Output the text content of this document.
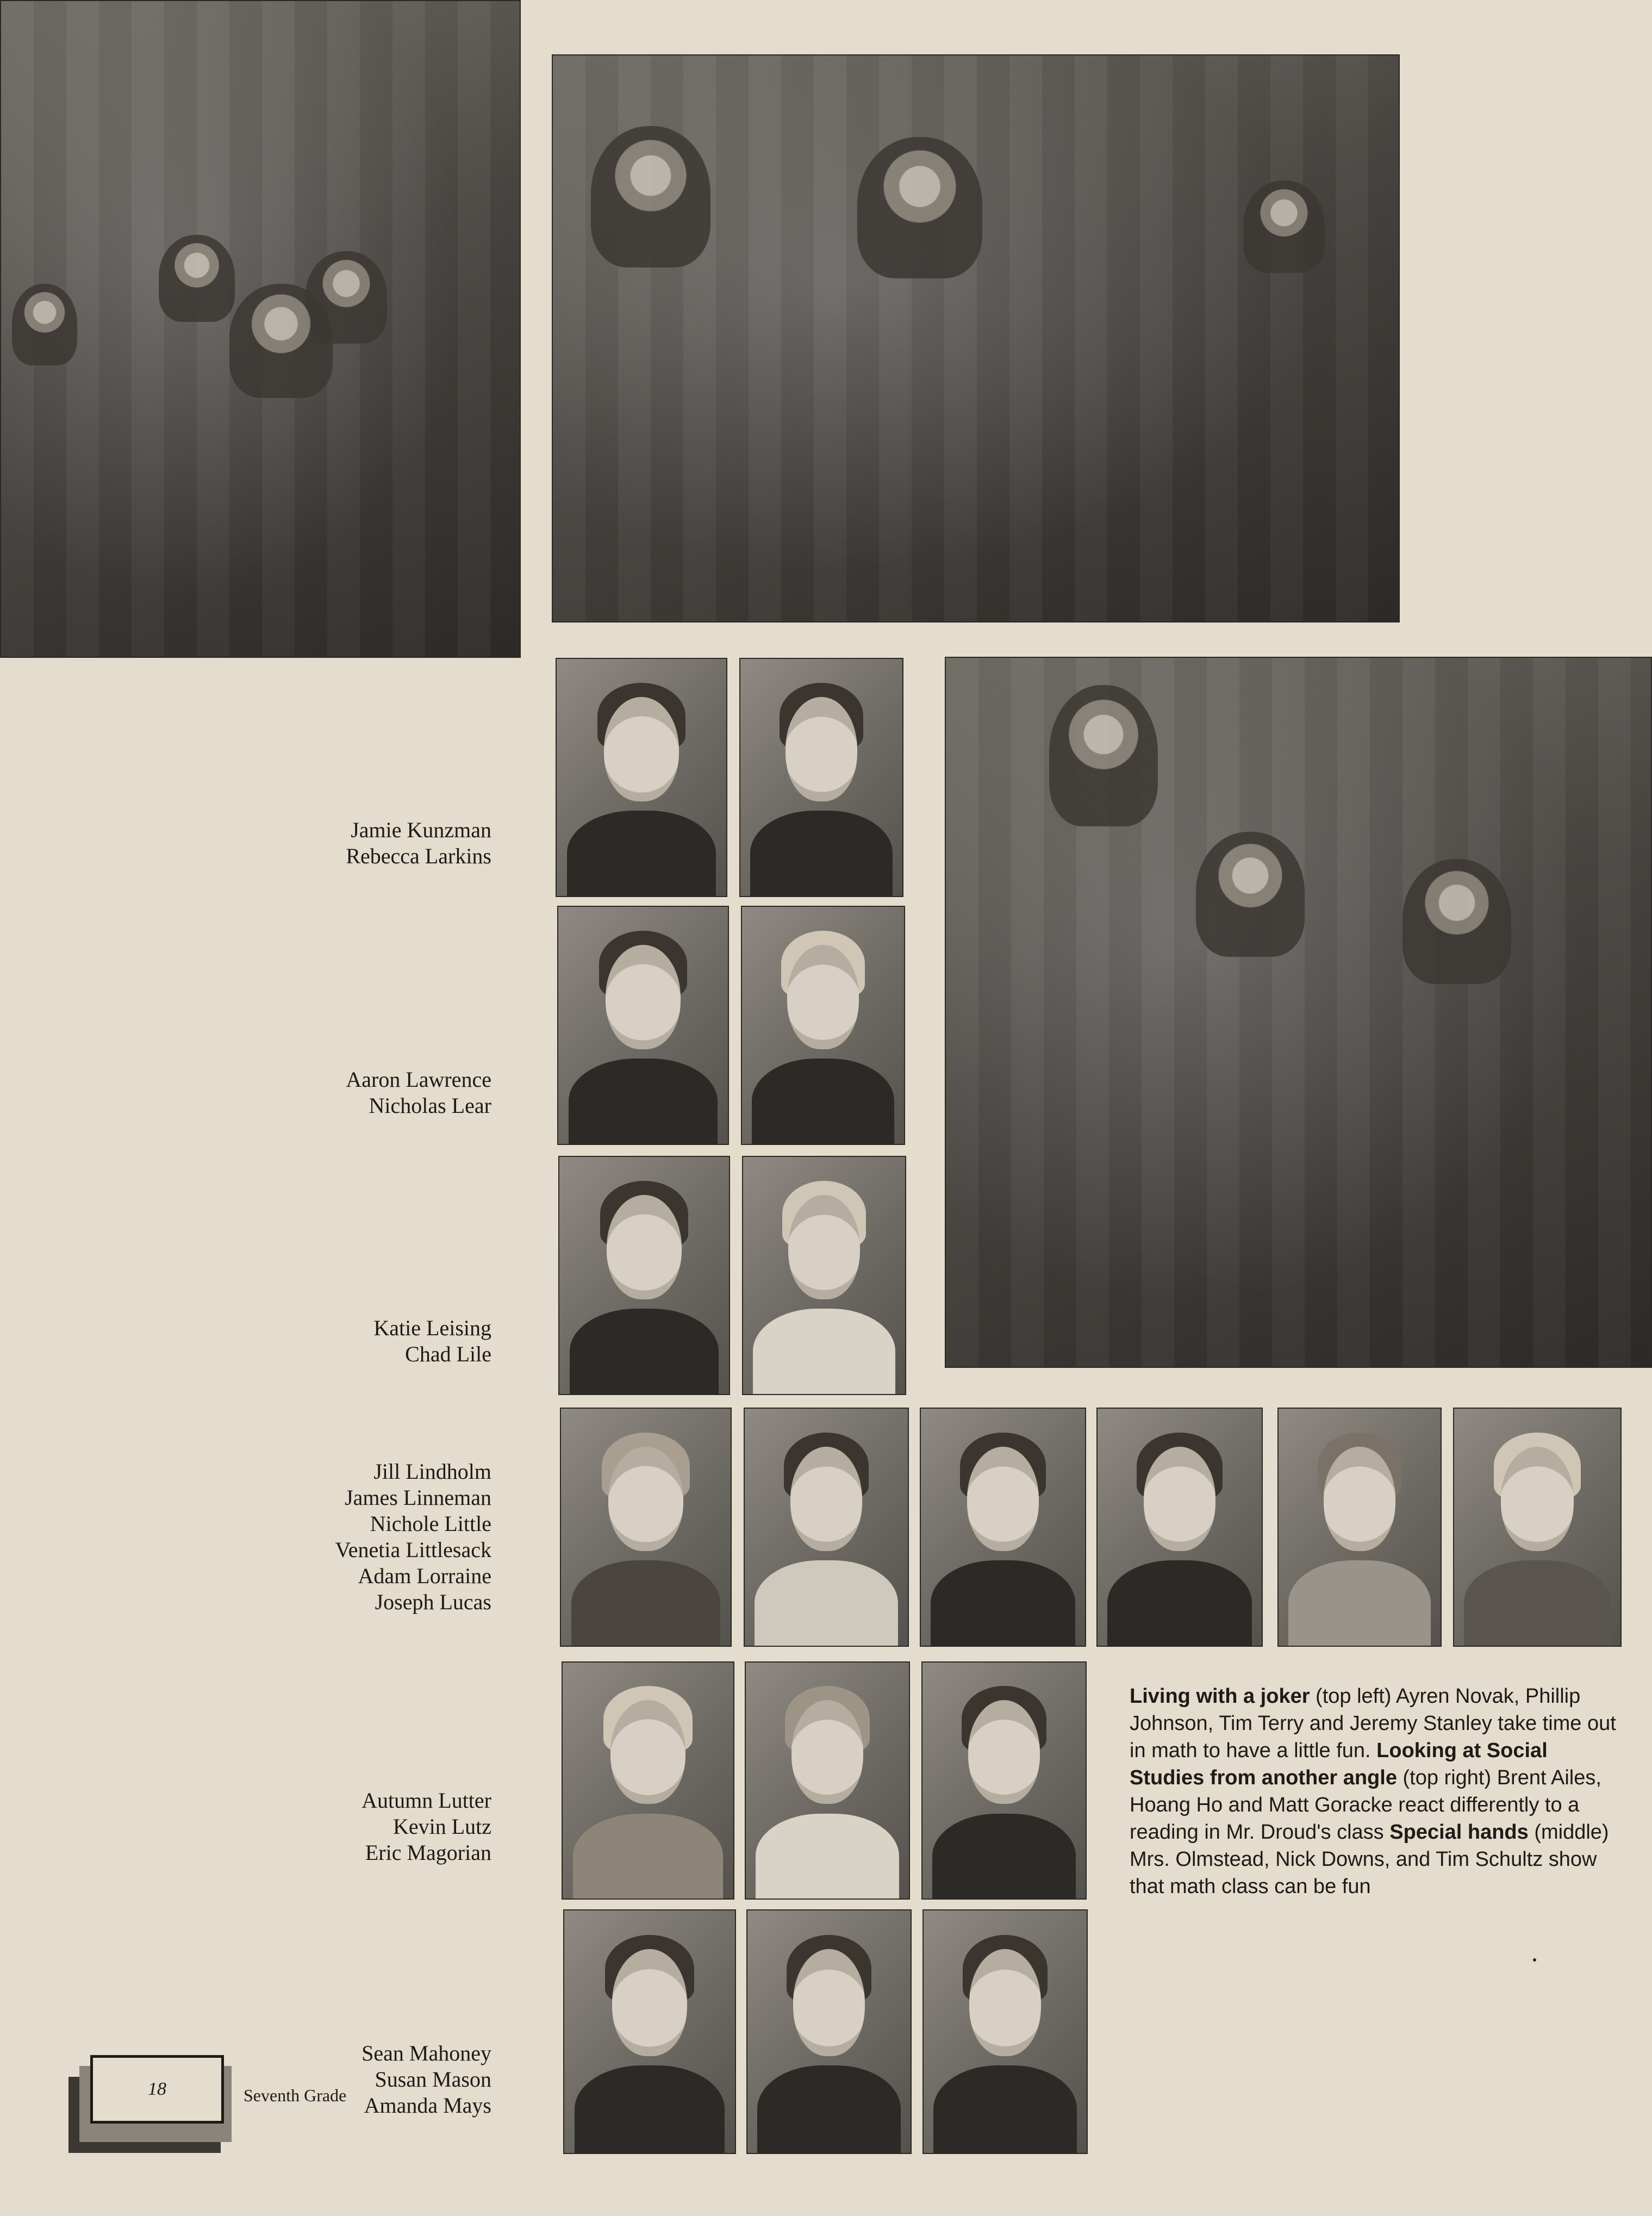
Jamie Kunzman
Rebecca Larkins
Aaron Lawrence
Nicholas Lear
Katie Leising
Chad Lile
Jill Lindholm
James Linneman
Nichole Little
Venetia Littlesack
Adam Lorraine
Joseph Lucas
Autumn Lutter
Kevin Lutz
Eric Magorian
Sean Mahoney
Susan Mason
Amanda Mays
Living with a joker (top left) Ayren Novak, Phillip Johnson, Tim Terry and Jeremy Stanley take time out in math to have a little fun. Looking at Social Studies from another angle (top right) Brent Ailes, Hoang Ho and Matt Goracke react differently to a reading in Mr. Droud's class Special hands (middle) Mrs. Olmstead, Nick Downs, and Tim Schultz show that math class can be fun
18	Seventh Grade
